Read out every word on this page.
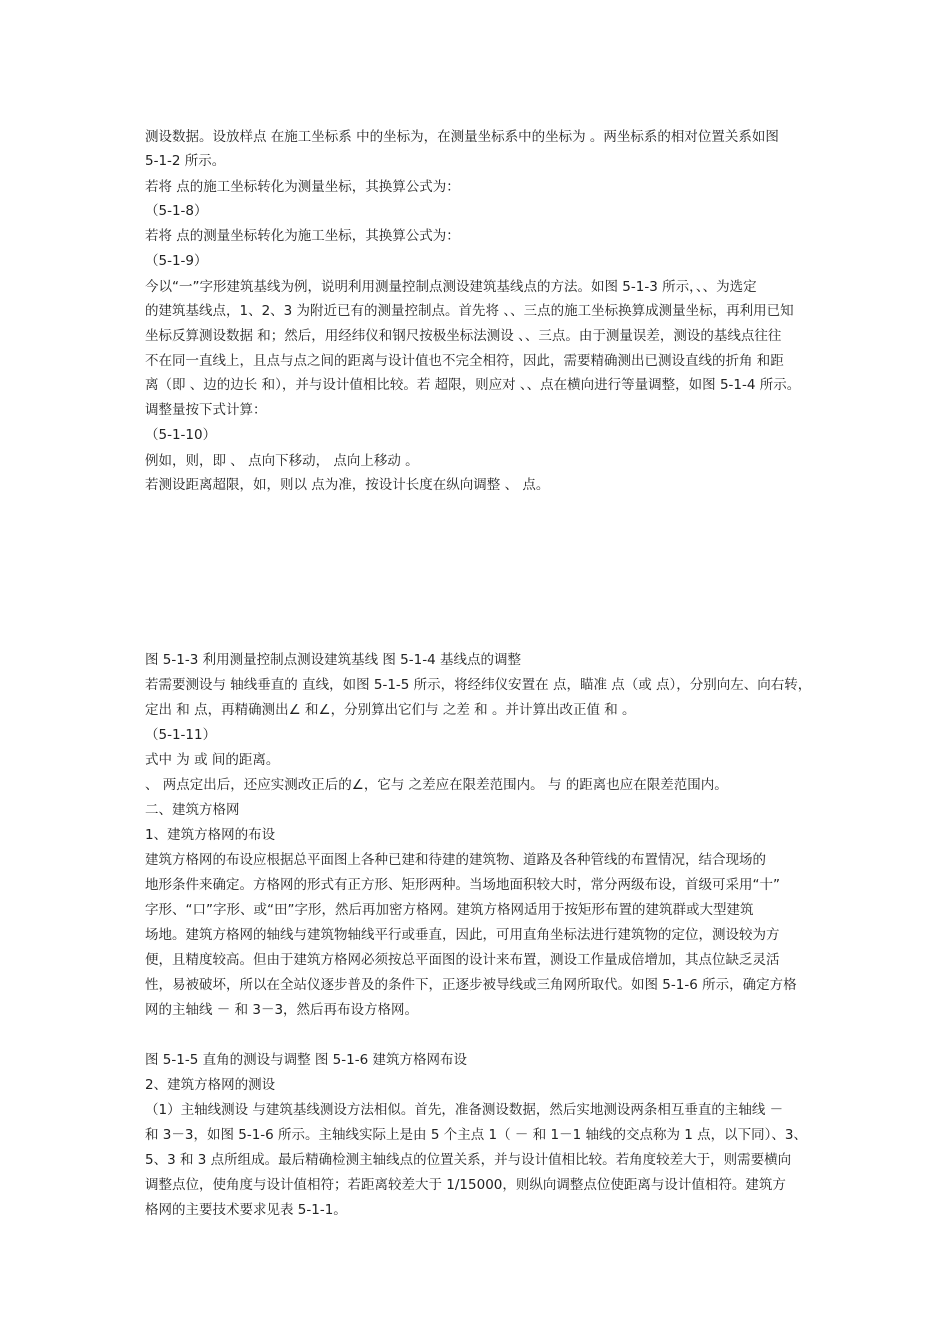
测设数据。设放样点 在施工坐标系 中的坐标为，在测量坐标系中的坐标为 。两坐标系的相对位置关系如图
5-1-2 所示。
若将 点的施工坐标转化为测量坐标，其换算公式为：
（5-1-8）
若将 点的测量坐标转化为施工坐标，其换算公式为：
（5-1-9）
今以“一”字形建筑基线为例，说明利用测量控制点测设建筑基线点的方法。如图 5-1-3 所示，、、为选定
的建筑基线点，1、2、3 为附近已有的测量控制点。首先将 、、三点的施工坐标换算成测量坐标，再利用已知
坐标反算测设数据 和；然后，用经纬仪和钢尺按极坐标法测设 、、三点。由于测量误差，测设的基线点往往
不在同一直线上，且点与点之间的距离与设计值也不完全相符，因此，需要精确测出已测设直线的折角 和距
离（即 、边的边长 和），并与设计值相比较。若 超限，则应对 、、点在横向进行等量调整，如图 5-1-4 所示。
调整量按下式计算：
（5-1-10）
例如，则，即 、 点向下移动， 点向上移动 。
若测设距离超限，如，则以 点为准，按设计长度在纵向调整 、 点。
图 5-1-3 利用测量控制点测设建筑基线 图 5-1-4 基线点的调整
若需要测设与 轴线垂直的 直线，如图 5-1-5 所示，将经纬仪安置在 点，瞄准 点（或 点），分别向左、向右转，
定出 和 点，再精确测出∠ 和∠，分别算出它们与 之差 和 。并计算出改正值 和 。
（5-1-11）
式中 为 或 间的距离。
、 两点定出后，还应实测改正后的∠，它与 之差应在限差范围内。 与 的距离也应在限差范围内。
二、建筑方格网
1、建筑方格网的布设
建筑方格网的布设应根据总平面图上各种已建和待建的建筑物、道路及各种管线的布置情况，结合现场的
地形条件来确定。方格网的形式有正方形、矩形两种。当场地面积较大时，常分两级布设，首级可采用“十”
字形、“口”字形、或“田”字形，然后再加密方格网。建筑方格网适用于按矩形布置的建筑群或大型建筑
场地。建筑方格网的轴线与建筑物轴线平行或垂直，因此，可用直角坐标法进行建筑物的定位，测设较为方
便，且精度较高。但由于建筑方格网必须按总平面图的设计来布置，测设工作量成倍增加，其点位缺乏灵活
性，易被破坏，所以在全站仪逐步普及的条件下，正逐步被导线或三角网所取代。如图 5-1-6 所示，确定方格
网的主轴线 － 和 3－3，然后再布设方格网。
图 5-1-5 直角的测设与调整 图 5-1-6 建筑方格网布设
2、建筑方格网的测设
（1）主轴线测设 与建筑基线测设方法相似。首先，准备测设数据，然后实地测设两条相互垂直的主轴线 －
和 3－3，如图 5-1-6 所示。主轴线实际上是由 5 个主点 1（ － 和 1－1 轴线的交点称为 1 点，以下同）、3、
5、3 和 3 点所组成。最后精确检测主轴线点的位置关系，并与设计值相比较。若角度较差大于，则需要横向
调整点位，使角度与设计值相符；若距离较差大于 1/15000，则纵向调整点位使距离与设计值相符。建筑方
格网的主要技术要求见表 5-1-1。
